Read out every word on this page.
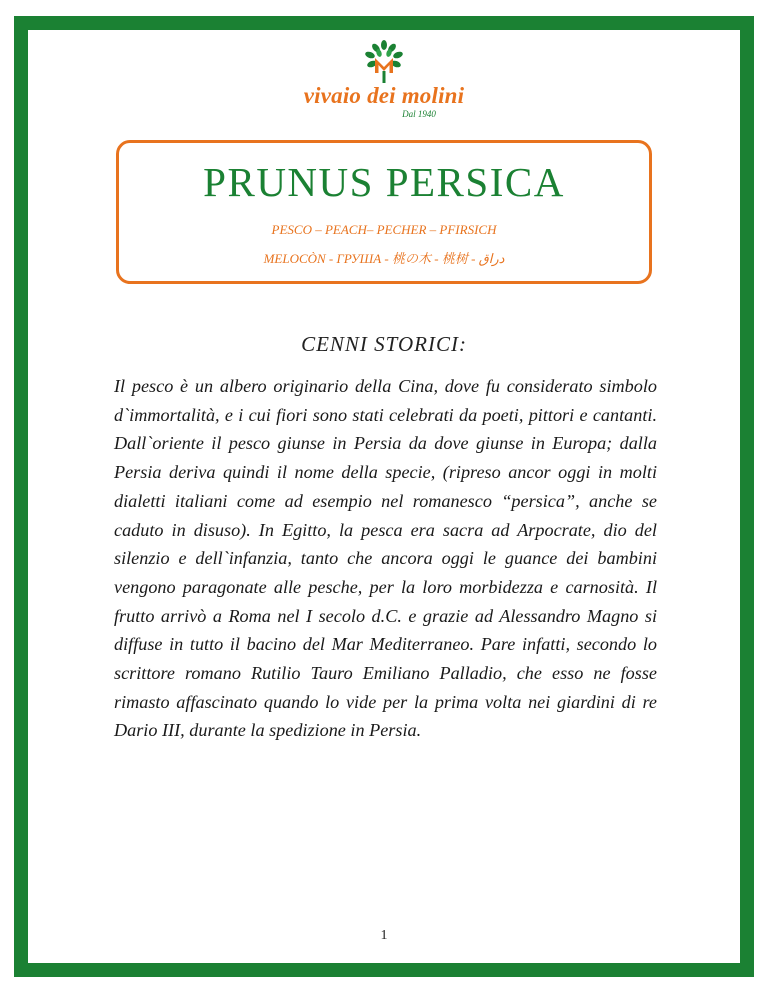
vivaio dei molini
Dal 1940
PRUNUS PERSICA
PESCO – PEACH– PECHER – PFIRSICH
MELOCÒN - ГРУША - 桃の木 - 桃树 - دراق
CENNI STORICI:
Il pesco è un albero originario della Cina, dove fu considerato simbolo d`immortalità, e i cui fiori sono stati celebrati da poeti, pittori e cantanti. Dall`oriente il pesco giunse in Persia da dove giunse in Europa; dalla Persia deriva quindi il nome della specie, (ripreso ancor oggi in molti dialetti italiani come ad esempio nel romanesco “persica”, anche se caduto in disuso). In Egitto, la pesca era sacra ad Arpocrate, dio del silenzio e dell`infanzia, tanto che ancora oggi le guance dei bambini vengono paragonate alle pesche, per la loro morbidezza e carnosità. Il frutto arrivò a Roma nel I secolo d.C. e grazie ad Alessandro Magno si diffuse in tutto il bacino del Mar Mediterraneo. Pare infatti, secondo lo scrittore romano Rutilio Tauro Emiliano Palladio, che esso ne fosse rimasto affascinato quando lo vide per la prima volta nei giardini di re Dario III, durante la spedizione in Persia.
1
